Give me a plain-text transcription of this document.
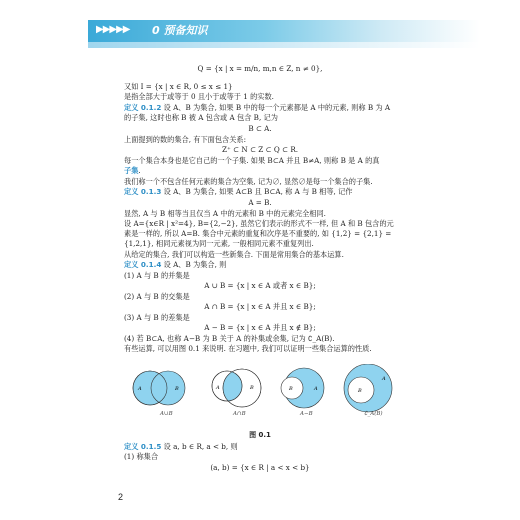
▶▶▶▶▶ 0 预备知识
Q = {x | x = m/n, m,n ∈ Z, n ≠ 0},
又如 I = {x | x ∈ R, 0 ≤ x ≤ 1}
是指全部大于或等于 0 且小于或等于 1 的实数.
定义 0.1.2 设 A、B 为集合, 如果 B 中的每一个元素都是 A 中的元素, 则称 B 为 A
的子集, 这时也称 B 被 A 包含或 A 包含 B, 记为
B ⊂ A.
上面提到的数的集合, 有下面包含关系:
Z⁺ ⊂ N ⊂ Z ⊂ Q ⊂ R.
每一个集合本身也是它自己的一个子集. 如果 B⊂A 并且 B≠A, 则称 B 是 A 的真
子集.
我们称一个不包含任何元素的集合为空集, 记为∅, 显然∅是每一个集合的子集.
定义 0.1.3 设 A、B 为集合, 如果 A⊂B 且 B⊂A, 称 A 与 B 相等, 记作
A = B.
显然, A 与 B 相等当且仅当 A 中的元素和 B 中的元素完全相同.
设 A={x∈R | x²=4}, B={2,−2}, 虽然它们表示的形式不一样, 但 A 和 B 包含的元
素是一样的, 所以 A=B. 集合中元素的重复和次序是不重要的, 如 {1,2} = {2,1} =
{1,2,1}, 相同元素视为同一元素, 一般相同元素不重复列出.
从给定的集合, 我们可以构造一些新集合. 下面是常用集合的基本运算.
定义 0.1.4 设 A、B 为集合, 则
(1) A 与 B 的并集是
A ∪ B = {x | x ∈ A 或者 x ∈ B};
(2) A 与 B 的交集是
A ∩ B = {x | x ∈ A 并且 x ∈ B};
(3) A 与 B 的差集是
A − B = {x | x ∈ A 并且 x ∉ B};
(4) 若 B⊂A, 也称 A−B 为 B 关于 A 的补集或余集, 记为 ∁_A(B).
有些运算, 可以用图 0.1 来说明. 在习题中, 我们可以证明一些集合运算的性质.
定义 0.1.5 设 a, b ∈ R, a < b, 则
(1) 称集合
(a, b) = {x ∈ R | a < x < b}
A	B	A	B	B	A	B
A
A∪B	A∩B	A−B	∁_A(B)
图 0.1
2
